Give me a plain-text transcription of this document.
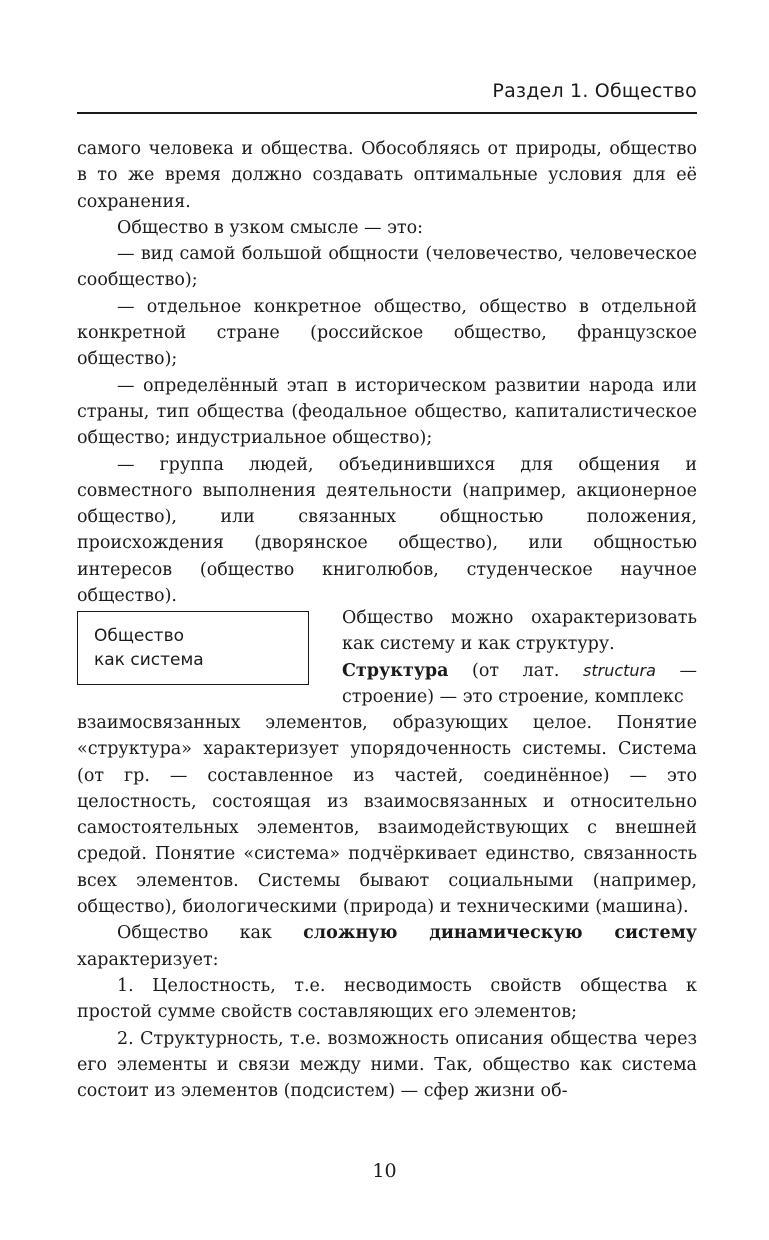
Раздел 1. Общество

самого человека и общества. Обособляясь от природы, общество в то же время должно создавать оптимальные условия для её сохранения.

Общество в узком смысле — это:

— вид самой большой общности (человечество, человеческое сообщество);

— отдельное конкретное общество, общество в отдельной конкретной стране (российское общество, французское общество);

— определённый этап в историческом развитии народа или страны, тип общества (феодальное общество, капиталистическое общество; индустриальное общество);

— группа людей, объединившихся для общения и совместного выполнения деятельности (например, акционерное общество), или связанных общностью положения, происхождения (дворянское общество), или общностью интересов (общество книголюбов, студенческое научное общество).

Общество
как система

Общество можно охарактеризовать как систему и как структуру.

Структура (от лат. structura — строение) — это строение, комплекс

взаимосвязанных элементов, образующих целое. Понятие «структура» характеризует упорядоченность системы. Система (от гр. — составленное из частей, соединённое) — это целостность, состоящая из взаимосвязанных и относительно самостоятельных элементов, взаимодействующих с внешней средой. Понятие «система» подчёркивает единство, связанность всех элементов. Системы бывают социальными (например, общество), биологическими (природа) и техническими (машина).

Общество как сложную динамическую систему характеризует:

1. Целостность, т.е. несводимость свойств общества к простой сумме свойств составляющих его элементов;

2. Структурность, т.е. возможность описания общества через его элементы и связи между ними. Так, общество как система состоит из элементов (подсистем) — сфер жизни об-

10
